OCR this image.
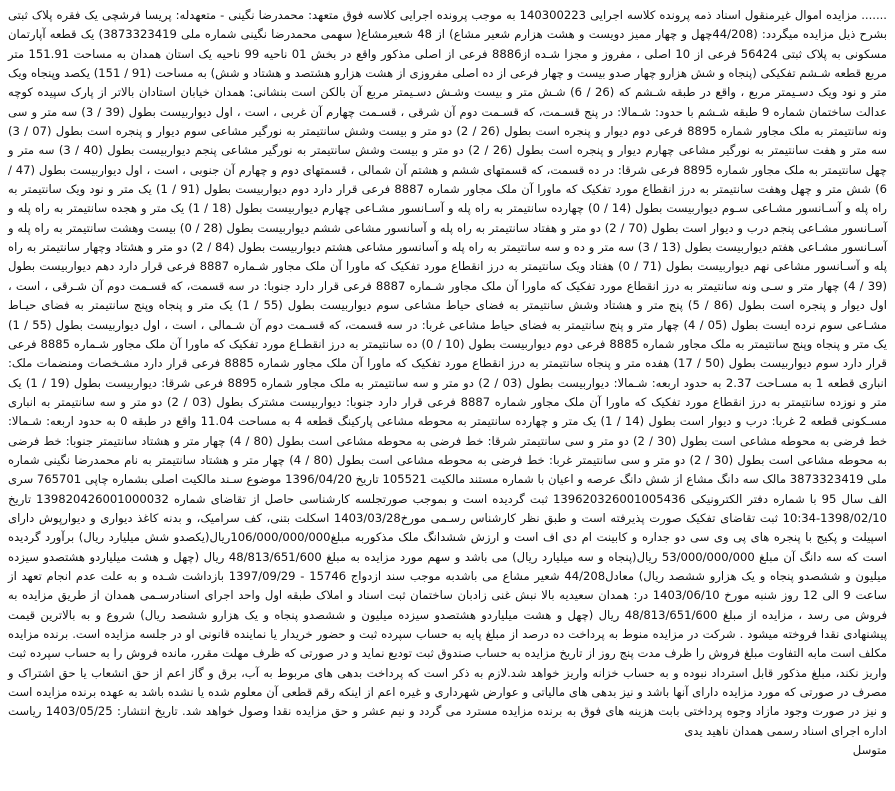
....... مزایده اموال غیرمنقول اسناد ذمه پرونده کلاسه اجرایی 140300223 به موجب پرونده اجرایی کلاسه فوق متعهد: محمدرضا نگینی - متعهدله: پریسا فرشچی یک فقره پلاک ثبتی بشرح ذیل مزایده میگردد: (44/208چهل و چهار ممیز دویست و هشت هزارم شعیر مشاع) از 48 شعیرمشاع( سهمی محمدرضا نگینی شماره ملی 3873323419) یک قطعه آپارتمان مسکونی به پلاک ثبتی 56424 فرعی از 10 اصلی ، مفروز و مجزا شـده از8886 فرعی از اصلی مذکور واقع در بخش 01 ناحیه 99 ناحیه یک استان همدان به مساحت 151.91 متر مربع قطعه شـشم تفکیکی (پنجاه و شش هزارو چهار صدو بیست و چهار فرعی از ده اصلی مفروزی از هشت هزارو هشتصد و هشتاد و شش) به مساحت (91 / 151) یکصد وپنجاه ویک متر و نود ویک دسـیمتر مربع ، واقع در طبقه شـشم که (26 / 6) شـش متر و بیست وشـش دسـیمتر مربع آن بالکن است بنشانی: همدان خیابان استادان بالاتر از پارک سپیده کوچه عدالت ساختمان شماره 9 طبقه شـشم با حدود: شـمالا: در پنج قسـمت، که قسـمت دوم آن شرقی ، قسـمت چهارم آن غربی ، است ، اول دیواربیست بطول (39 / 3) سه متر و سی ونه سانتیمتر به ملک مجاور شماره 8895 فرعی دوم دیوار و پنجره است بطول (26 / 2) دو متر و بیست وشش سانتیمتر به نورگیر مشاعی سوم دیوار و پنجره است بطول (07 / 3) سه متر و هفت سانتیمتر به نورگیر مشاعی چهارم دیوار و پنجره است بطول (26 / 2) دو متر و بیست وشش سانتیمتر به نورگیر مشاعی پنجم دیواربیست بطول (40 / 3) سه متر و چهل سانتیمتر به ملک مجاور شماره 8895 فرعی شرقا: در ده قسمت، که قسمتهای ششم و هشتم آن شمالی ، قسمتهای دوم و چهارم آن جنوبی ، است ، اول دیواربیست بطول (47 / 6) شش متر و چهل وهفت سانتیمتر به درز انقطاع مورد تفکیک که ماورا آن ملک مجاور شماره 8887 فرعی قرار دارد دوم دیواربیست بطول (91 / 1) یک متر و نود ویک سانتیمتر به راه پله و آسـانسور مشـاعی سـوم دیواربیست بطول (14 / 0) چهارده سانتیمتر به راه پله و آسـانسور مشـاعی چهارم دیواربیست بطول (18 / 1) یک متر و هجده سانتیمتر به راه پله و آسـانسور مشـاعی پنجم درب و دیوار است بطول (70 / 2) دو متر و هفتاد سانتیمتر به راه پله و آسانسور مشاعی ششم دیواربیست بطول (28 / 0) بیست وهشت سانتیمتر به راه پله و آسـانسور مشـاعی هفتم دیواربیست بطول (13 / 3) سه متر و ده و سه سانتیمتر به راه پله و آسانسور مشاعی هشتم دیواربیست بطول (84 / 2) دو متر و هشتاد وچهار سانتیمتر به راه پله و آسـانسور مشاعی نهم دیواربیست بطول (71 / 0) هفتاد ویک سانتیمتر به درز انقطاع مورد تفکیک که ماورا آن ملک مجاور شـماره 8887 فرعی قرار دارد دهم دیواربیست بطول (39 / 4) چهار متر و سـی ونه سانتیمتر به درز انقطاع مورد تفکیک که ماورا آن ملک مجاور شـماره 8887 فرعی قرار دارد جنوبا: در سه قسمت، که قسـمت دوم آن شـرقی ، است ، اول دیوار و پنجره است بطول (86 / 5) پنج متر و هشتاد وشش سانتیمتر به فضای حیاط مشاعی سوم دیواربیست بطول (55 / 1) یک متر و پنجاه وپنج سانتیمتر به فضای حیـاط مشـاعی سوم نرده ایست بطول (05 / 4) چهار متر و پنج سانتیمتر به فضای حیاط مشاعی غربا: در سه قسمت، که قسـمت دوم آن شـمالی ، است ، اول دیواربیست بطول (55 / 1) یک متر و پنجاه وپنج سانتیمتر به ملک مجاور شماره 8885 فرعی دوم دیواربیست بطول (10 / 0) ده سانتیمتر به درز انقطـاع مورد تفکیک که ماورا آن ملک مجاور شـماره 8885 فرعی قرار دارد سوم دیواربیست بطول (50 / 17) هفده متر و پنجاه سانتیمتر به درز انقطاع مورد تفکیک که ماورا آن ملک مجاور شماره 8885 فرعی قرار دارد مشـخصات ومنضمات ملک: انباری قطعه 1 به مسـاحت 2.37 به حدود اربعه: شـمالا: دیواربیست بطول (03 / 2) دو متر و سه سانتیمتر به ملک مجاور شماره 8895 فرعی شرقا: دیواربیست بطول (19 / 1) یک متر و نوزده سانتیمتر به درز انقطاع مورد تفکیک که ماورا آن ملک مجاور شماره 8887 فرعی قرار دارد جنوبا: دیواربیست مشترک بطول (03 / 2) دو متر و سه سانتیمتر به انباری مسـکونی قطعه 2 غربا: درب و دیوار است بطول (14 / 1) یک متر و چهارده سانتیمتر به محوطه مشاعی پارکینگ قطعه 4 به مساحت 11.04 واقع در طبقه 0 به حدود اربعه: شـمالا: خط فرضی به محوطه مشاعی است بطول (30 / 2) دو متر و سی سانتیمتر شرقا: خط فرضی به محوطه مشاعی است بطول (80 / 4) چهار متر و هشتاد سانتیمتر جنوبا: خط فرضی به محوطه مشاعی است بطول (30 / 2) دو متر و سی سانتیمتر غربا: خط فرضی به محوطه مشاعی است بطول (80 / 4) چهار متر و هشتاد سانتیمتر به نام محمدرضا نگینی شماره ملی 3873323419 مالک سه دانگ مشاع از شش دانگ عرصه و اعیان با شماره مستند مالکیت 105521 تاریخ 1396/04/20 موضوع سـند مالکیت اصلی بشماره چاپی 765701 سری الف سال 95 با شماره دفتر الکترونیکی 139620326001005436 ثبت گردیده است و بموجب صورتجلسه کارشناسی حاصل از تقاضای شماره 139820426001000032 تاریخ 1398/02/10-10:34 ثبت تقاضای تفکیک صورت پذیرفته است و طبق نظر کارشناس رسـمی مورخ1403/03/28 اسکلت بتنی، کف سرامیک، و بدنه کاغذ دیواری و دیوارپوش دارای اسپیلت و پکیج با پنجره های پی وی سی دو جداره و کابینت ام دی اف است و ارزش ششدانگ ملک مذکوربه مبلغ106/000/000/000ریال(یکصدو شش میلیارد ریال) برآورد گردیده است که سه دانگ آن مبلغ 53/000/000/000 ریال(پنجاه و سه میلیارد ریال) می باشد و سهم مورد مزایده به مبلغ 48/813/651/600 ریال (چهل و هشت میلیاردو هشتصدو سیزده میلیون و ششصدو پنجاه و یک هزارو ششصد ریال) معادل44/208 شعیر مشاع می باشدبه موجب سند ازدواج 15746 - 1397/09/29 بازداشت شـده و به علت عدم انجام تعهد از ساعت 9 الی 12 روز شنبه مورخ 1403/06/10 در: همدان سعیدیه بالا نبش غنی زادبان ساختمان ثبت اسناد و املاک طبقه اول واحد اجرای اسنادرسـمی همدان از طریق مزایده به فروش می رسد ، مزایده از مبلغ 48/813/651/600 ریال (چهل و هشت میلیاردو هشتصدو سیزده میلیون و ششصدو پنجاه و یک هزارو ششصد ریال) شروع و به بالاترین قیمت پیشنهادی نقدا فروخته میشود . شرکت در مزایده منوط به پرداخت ده درصد از مبلغ پایه به حساب سپرده ثبت و حضور خریدار یا نماینده قانونی او در جلسه مزایده است. برنده مزایده مکلف است مابه التفاوت مبلغ فروش را ظرف مدت پنج روز از تاریخ مزایده به حساب صندوق ثبت تودیع نماید و در صورتی که ظرف مهلت مقرر، مانده فروش را به حساب سپرده ثبت واریز نکند، مبلغ مذکور قابل استرداد نبوده و به حساب خزانه واریز خواهد شد.لازم به ذکر است که پرداخت بدهی های مربوط به آب، برق و گاز اعم از حق انشعاب یا حق اشتراک و مصرف در صورتی که مورد مزایده دارای آنها باشد و نیز بدهی های مالیاتی و عوارض شهرداری و غیره اعم از اینکه رقم قطعی آن معلوم شده یا نشده باشد به عهده برنده مزایده است و نیز در صورت وجود مازاد وجوه پرداختی بابت هزینه های فوق به برنده مزایده مسترد می گردد و نیم عشر و حق مزایده نقدا وصول خواهد شد. تاریخ انتشار: 1403/05/25 ریاست اداره اجرای اسناد رسمی همدان ناهید یدی

متوسل
